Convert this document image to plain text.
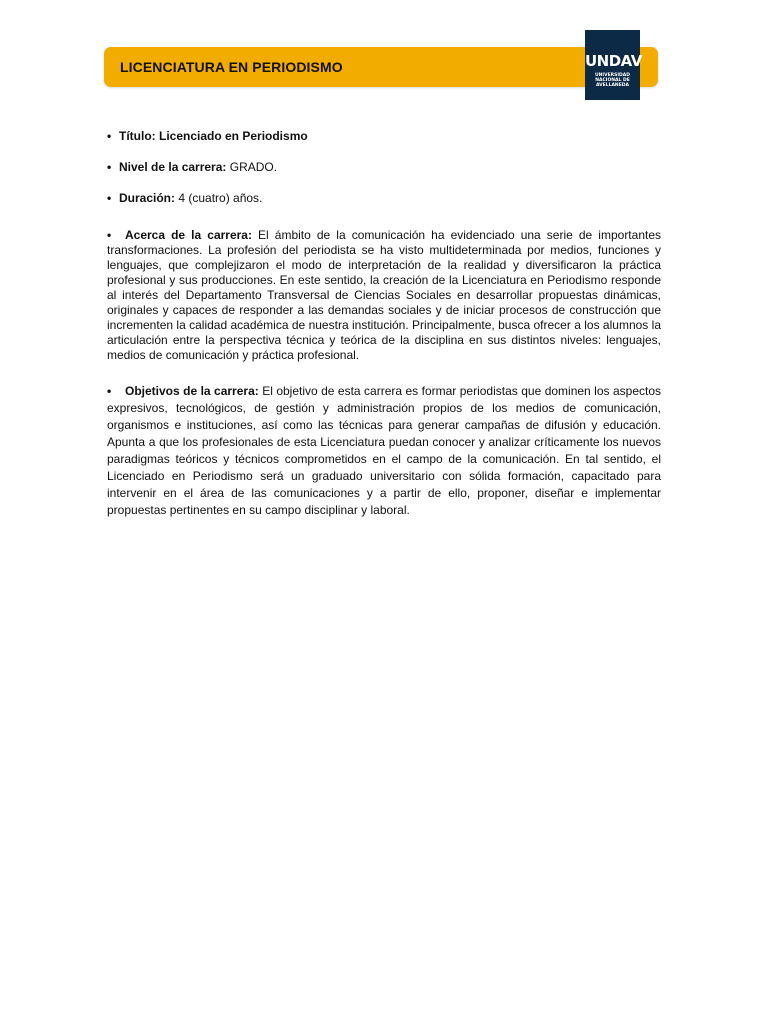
LICENCIATURA EN PERIODISMO	UNDAV
UNIVERSIDAD
NACIONAL DE
AVELLANEDA
• Título: Licenciado en Periodismo
• Nivel de la carrera: GRADO.
• Duración: 4 (cuatro) años.

• Acerca de la carrera: El ámbito de la comunicación ha evidenciado una serie de importantes transformaciones. La profesión del periodista se ha visto multideterminada por medios, funciones y lenguajes, que complejizaron el modo de interpretación de la realidad y diversificaron la práctica profesional y sus producciones. En este sentido, la creación de la Licenciatura en Periodismo responde al interés del Departamento Transversal de Ciencias Sociales en desarrollar propuestas dinámicas, originales y capaces de responder a las demandas sociales y de iniciar procesos de construcción que incrementen la calidad académica de nuestra institución. Principalmente, busca ofrecer a los alumnos la articulación entre la perspectiva técnica y teórica de la disciplina en sus distintos niveles: lenguajes, medios de comunicación y práctica profesional.

• Objetivos de la carrera: El objetivo de esta carrera es formar periodistas que dominen los aspectos expresivos, tecnológicos, de gestión y administración propios de los medios de comunicación, organismos e instituciones, así como las técnicas para generar campañas de difusión y educación. Apunta a que los profesionales de esta Licenciatura puedan conocer y analizar críticamente los nuevos paradigmas teóricos y técnicos comprometidos en el campo de la comunicación. En tal sentido, el Licenciado en Periodismo será un graduado universitario con sólida formación, capacitado para intervenir en el área de las comunicaciones y a partir de ello, proponer, diseñar e implementar propuestas pertinentes en su campo disciplinar y laboral.
